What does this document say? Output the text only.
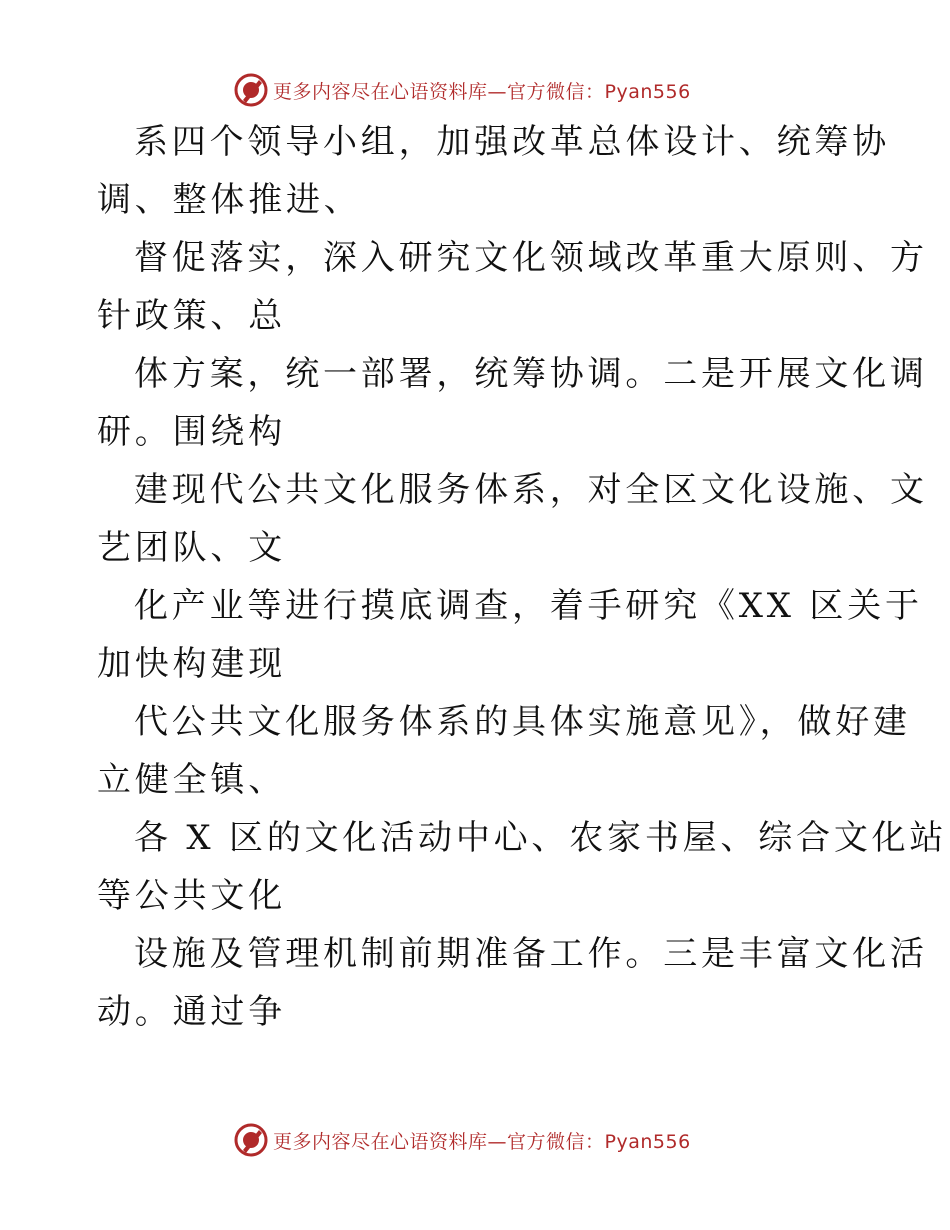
更多内容尽在心语资料库—官方微信：Pyan556
系四个领导小组，加强改革总体设计、统筹协
调、整体推进、
督促落实，深入研究文化领域改革重大原则、方
针政策、总
体方案，统一部署，统筹协调。二是开展文化调
研。围绕构
建现代公共文化服务体系，对全区文化设施、文
艺团队、文
化产业等进行摸底调查，着手研究《XX 区关于
加快构建现
代公共文化服务体系的具体实施意见》，做好建
立健全镇、
各 X 区的文化活动中心、农家书屋、综合文化站
等公共文化
设施及管理机制前期准备工作。三是丰富文化活
动。通过争
更多内容尽在心语资料库—官方微信：Pyan556
